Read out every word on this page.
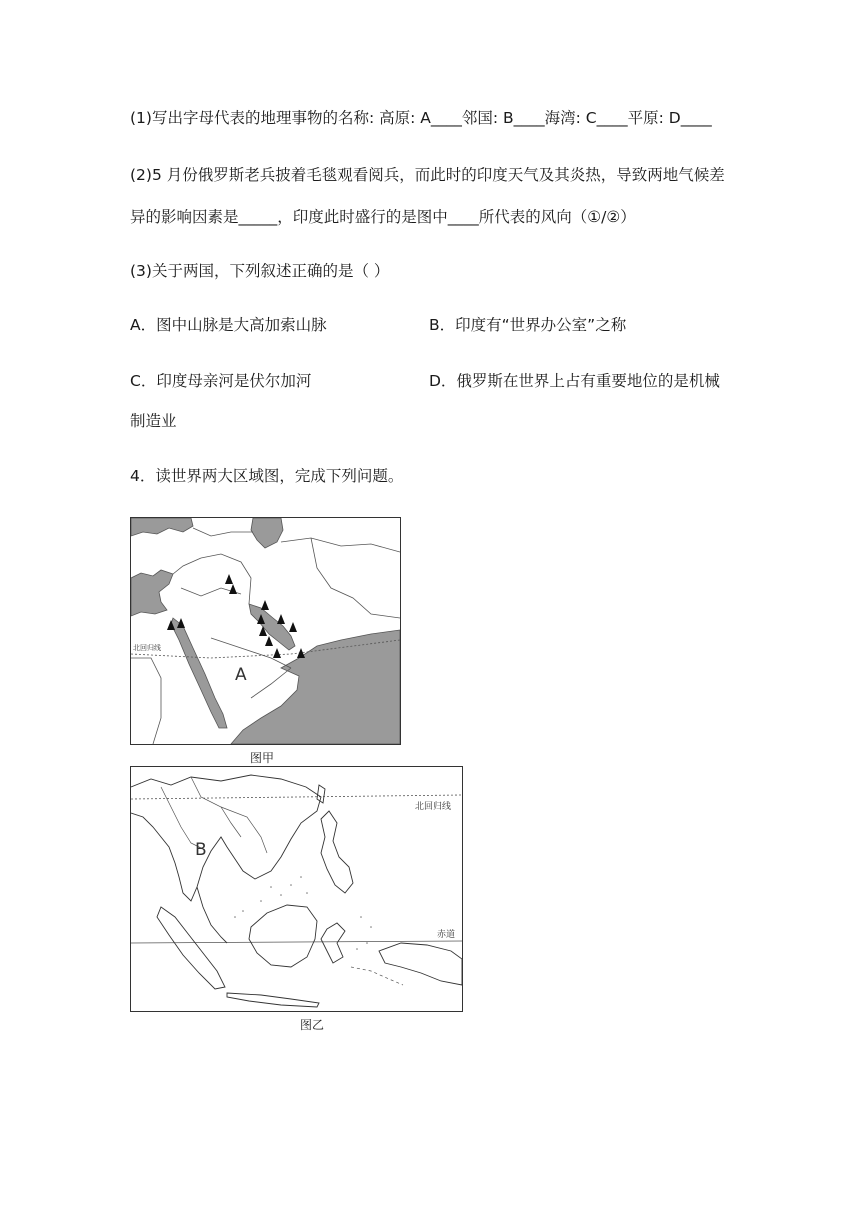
(1)写出字母代表的地理事物的名称: 高原: A____邻国: B____海湾: C____平原: D____
(2)5 月份俄罗斯老兵披着毛毯观看阅兵，而此时的印度天气及其炎热，导致两地气候差
异的影响因素是_____，印度此时盛行的是图中____所代表的风向（①/②）
(3)关于两国，下列叙述正确的是（ ）
A．图中山脉是大高加索山脉	B．印度有“世界办公室”之称
C．印度母亲河是伏尔加河	D．俄罗斯在世界上占有重要地位的是机械
制造业
4．读世界两大区域图，完成下列问题。
北回归线
A
图甲
北回归线
赤道
B
图乙
